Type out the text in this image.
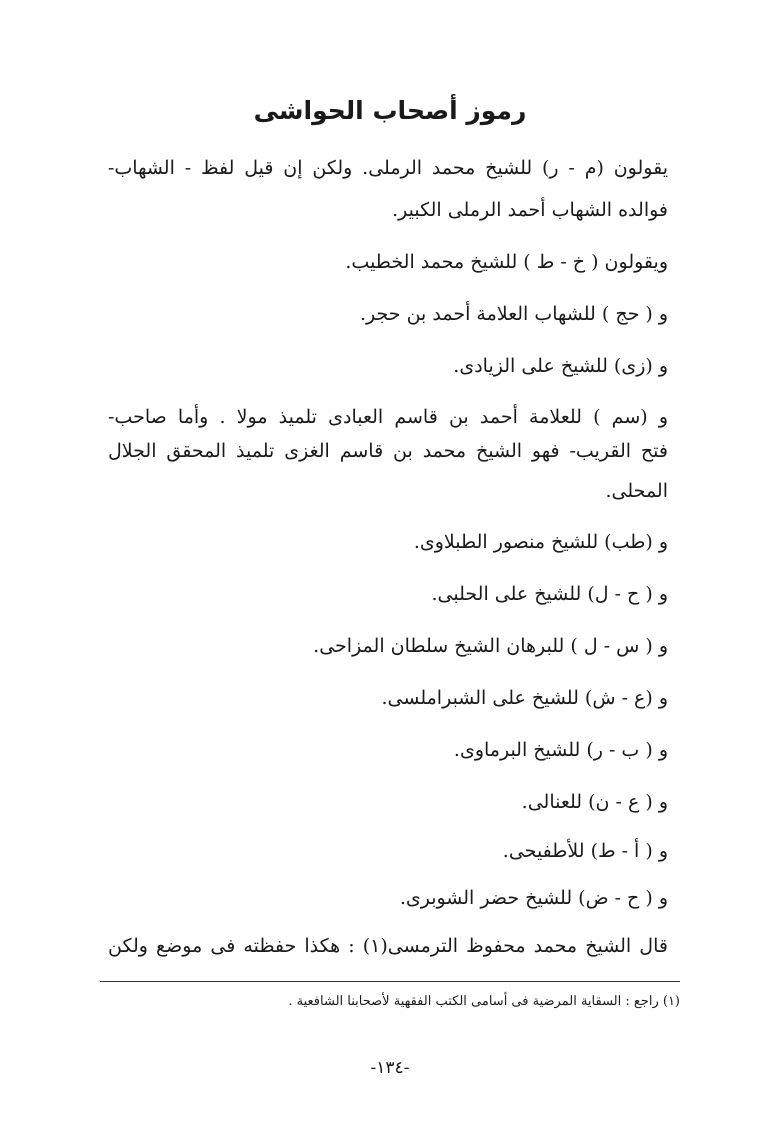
رموز أصحاب الحواشى
يقولون (م - ر) للشيخ محمد الرملى. ولكن إن قيل لفظ - الشهاب-
فوالده الشهاب أحمد الرملى الكبير.
ويقولون ( خ - ط ) للشيخ محمد الخطيب.
و ( حج ) للشهاب العلامة أحمد بن حجر.
و (زى) للشيخ على الزيادى.
و (سم ) للعلامة أحمد بن قاسم العبادى تلميذ مولا . وأما صاحب-
فتح القريب- فهو الشيخ محمد بن قاسم الغزى تلميذ المحقق الجلال
المحلى.
و (طب) للشيخ منصور الطبلاوى.
و ( ح - ل) للشيخ على الحلبى.
و ( س - ل ) للبرهان الشيخ سلطان المزاحى.
و (ع - ش) للشيخ على الشبراملسى.
و ( ب - ر) للشيخ البرماوى.
و ( ع - ن) للعنالى.
و ( أ - ط) للأطفيحى.
و ( ح - ض) للشيخ حضر الشوبرى.
قال الشيخ محمد محفوظ الترمسى(١) : هكذا حفظته فى موضع ولكن
(١) راجع : السقاية المرضية فى أسامى الكتب الفقهية لأصحابنا الشافعية .
-١٣٤-
